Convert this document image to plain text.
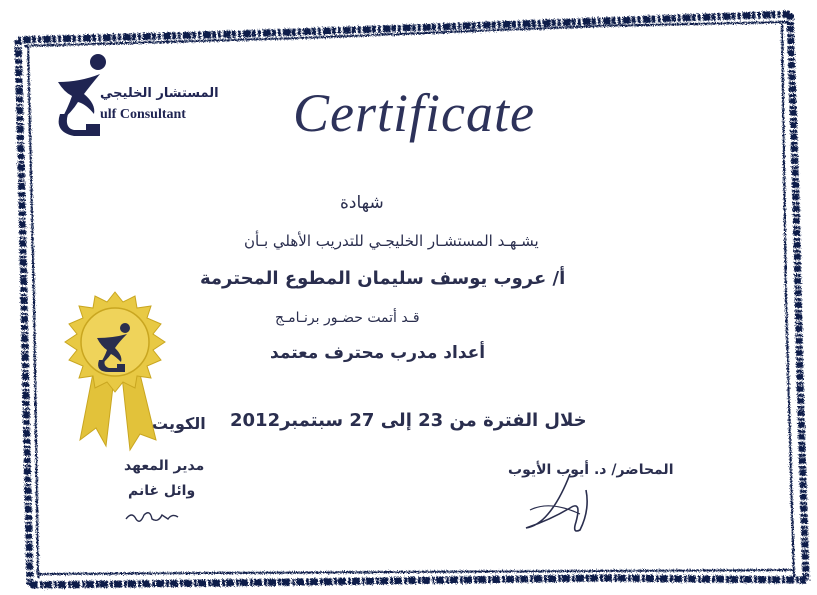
المستشار الخليجي
ulf Consultant Certificate
شهادة
يشـهـد المستشـار الخليجـي للتدريب الأهلي بـأن
أ/ عروب يوسف سليمان المطوع المحترمة
قـد أتمت حضـور برنـامـج
أعداد مدرب محترف معتمد
خلال الفترة من 23 إلى 27 سبتمبر2012
الكويت
المحاضر/ د. أيوب الأيوب
مدير المعهد
وائل غانم
